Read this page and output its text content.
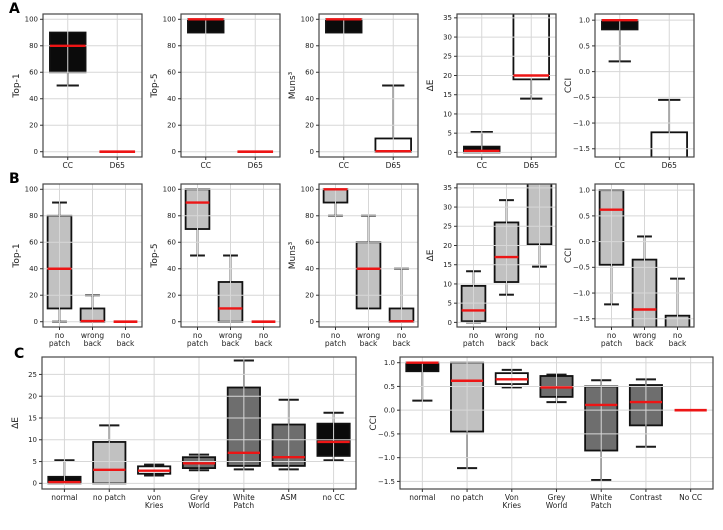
A
0
20
40
60
80
100
CC	D65
Top-1
0
20
40
60
80
100
CC	D65
Top-5
0
20
40
60
80
100
CC	D65
Muns³
0
5
10
15
20
25
30
35
CC	D65
ΔE
1.0
0.5
0.0
−0.5
−1.0
−1.5
CC	D65
CCI
B
0
20
40
60
80
100
no
patch
wrong
back
no
back
Top-1
0
20
40
60
80
100
no
patch
wrong
back
no
back
Top-5
0
20
40
60
80
100
no
patch
wrong
back
no
back
Muns³
0
5
10
15
20
25
30
35
no
patch
wrong
back
no
back
ΔE
1.0
0.5
0.0
−0.5
−1.0
−1.5
no
patch
wrong
back
no
back
CCI
C
0
5
10
15
20
25
normal no patch	von
Kries
Grey
World
White
Patch
ASM	no CC
ΔE
1.0
0.5
0.0
−0.5
−1.0
−1.5
normal no patch	Von
Kries
Grey
World
White
Patch
Contrast No CC
CCI
